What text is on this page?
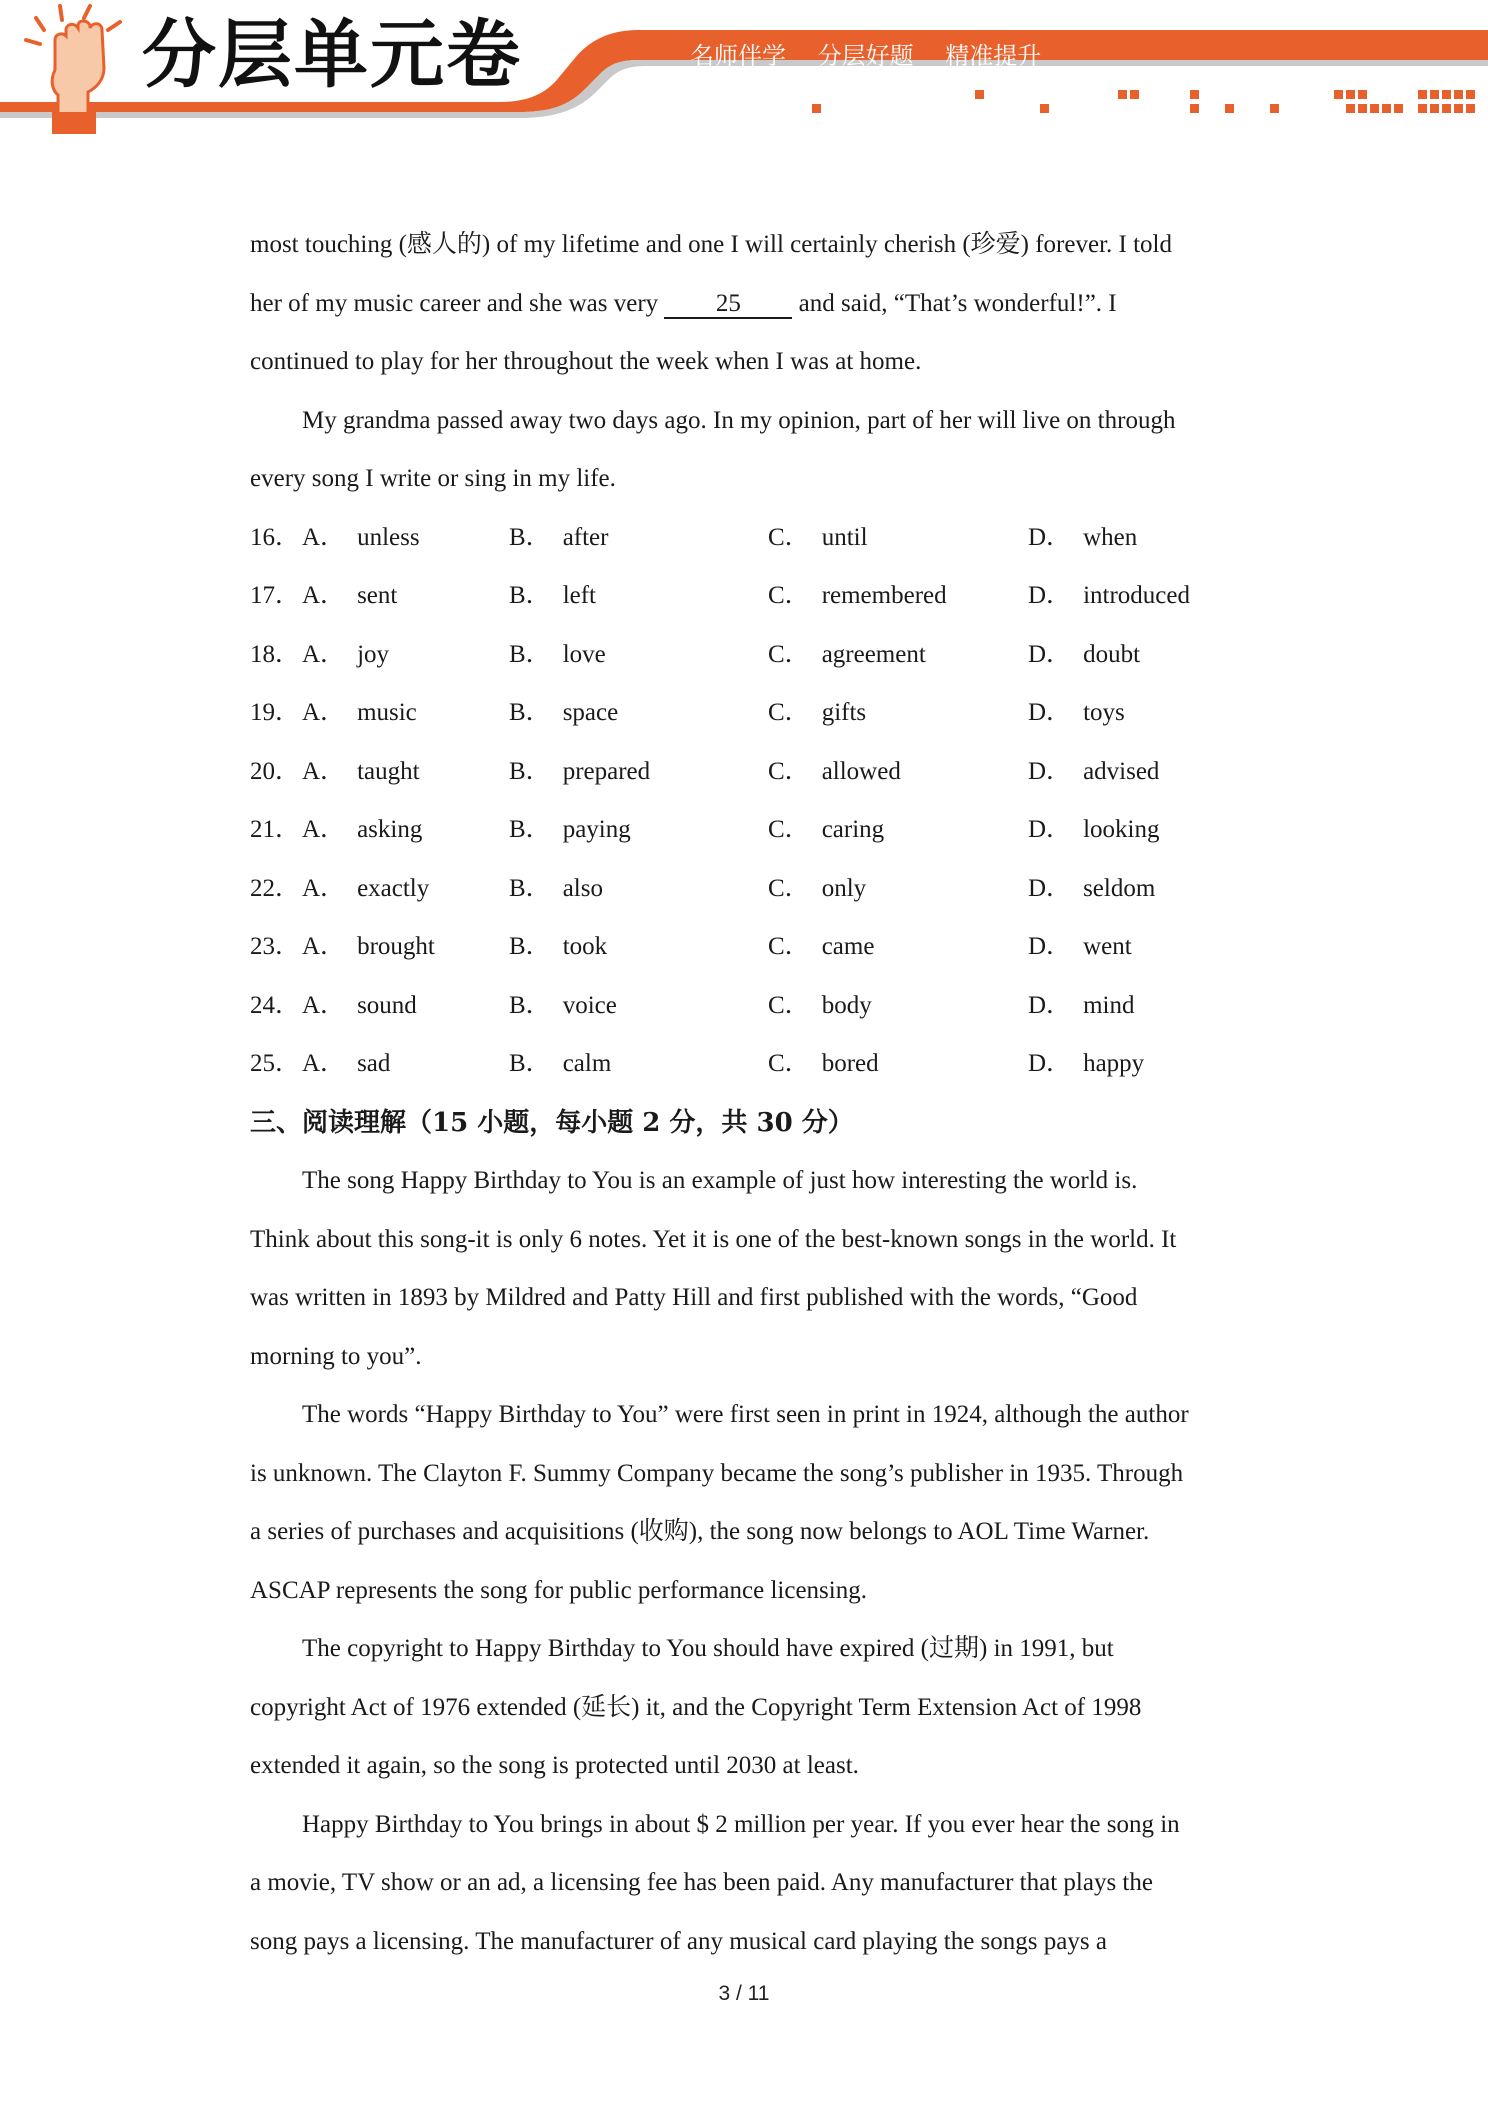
分层单元卷	名师伴学 分层好题 精准提升

most touching (感人的) of my lifetime and one I will certainly cherish (珍爱) forever. I told

her of my music career and she was very 25 and said, “That’s wonderful!”. I

continued to play for her throughout the week when I was at home.

My grandma passed away two days ago. In my opinion, part of her will live on through

every song I write or sing in my life.

16． A． unless	B． after	C． until	D． when
17． A． sent	B． left	C． remembered	D． introduced
18． A． joy	B． love	C． agreement	D． doubt
19． A． music	B． space	C． gifts	D． toys
20． A． taught	B． prepared	C． allowed	D． advised
21． A． asking	B． paying	C． caring	D． looking
22． A． exactly	B． also	C． only	D． seldom
23． A． brought	B． took	C． came	D． went
24． A． sound	B． voice	C． body	D． mind
25． A． sad	B． calm	C． bored	D． happy

三、阅读理解（15 小题，每小题 2 分，共 30 分）

The song Happy Birthday to You is an example of just how interesting the world is.

Think about this song-it is only 6 notes. Yet it is one of the best-known songs in the world. It

was written in 1893 by Mildred and Patty Hill and first published with the words, “Good

morning to you”.

The words “Happy Birthday to You” were first seen in print in 1924, although the author

is unknown. The Clayton F. Summy Company became the song’s publisher in 1935. Through

a series of purchases and acquisitions (收购), the song now belongs to AOL Time Warner.

ASCAP represents the song for public performance licensing.

The copyright to Happy Birthday to You should have expired (过期) in 1991, but

copyright Act of 1976 extended (延长) it, and the Copyright Term Extension Act of 1998

extended it again, so the song is protected until 2030 at least.

Happy Birthday to You brings in about $ 2 million per year. If you ever hear the song in

a movie, TV show or an ad, a licensing fee has been paid. Any manufacturer that plays the

song pays a licensing. The manufacturer of any musical card playing the songs pays a

3 / 11
